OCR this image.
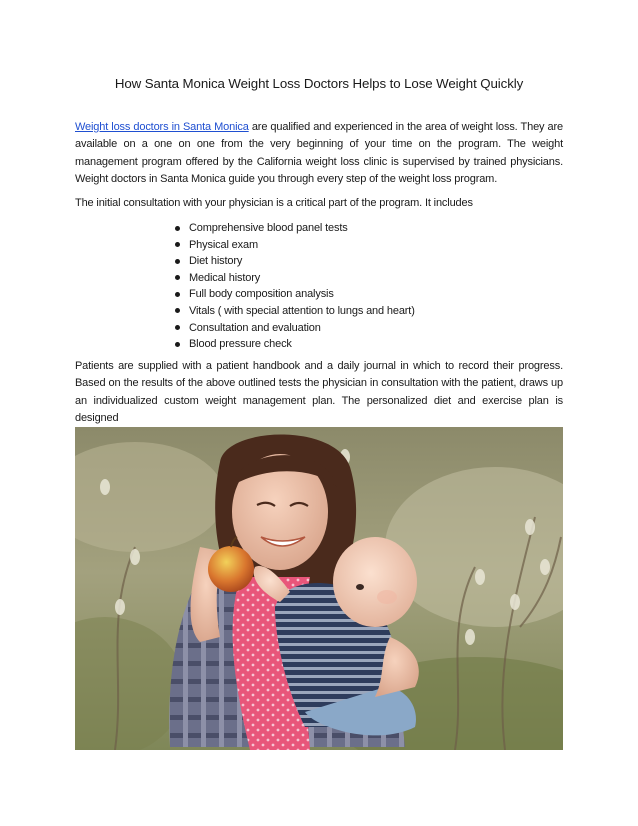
How Santa Monica Weight Loss Doctors Helps to Lose Weight Quickly

Weight loss doctors in Santa Monica are qualified and experienced in the area of weight loss. They are available on a one on one from the very beginning of your time on the program. The weight management program offered by the California weight loss clinic is supervised by trained physicians. Weight doctors in Santa Monica guide you through every step of the weight loss program.

The initial consultation with your physician is a critical part of the program. It includes

Comprehensive blood panel tests
Physical exam
Diet history
Medical history
Full body composition analysis
Vitals ( with special attention to lungs and heart)
Consultation and evaluation
Blood pressure check

Patients are supplied with a patient handbook and a daily journal in which to record their progress. Based on the results of the above outlined tests the physician in consultation with the patient, draws up an individualized custom weight management plan. The personalized diet and exercise plan is designed
